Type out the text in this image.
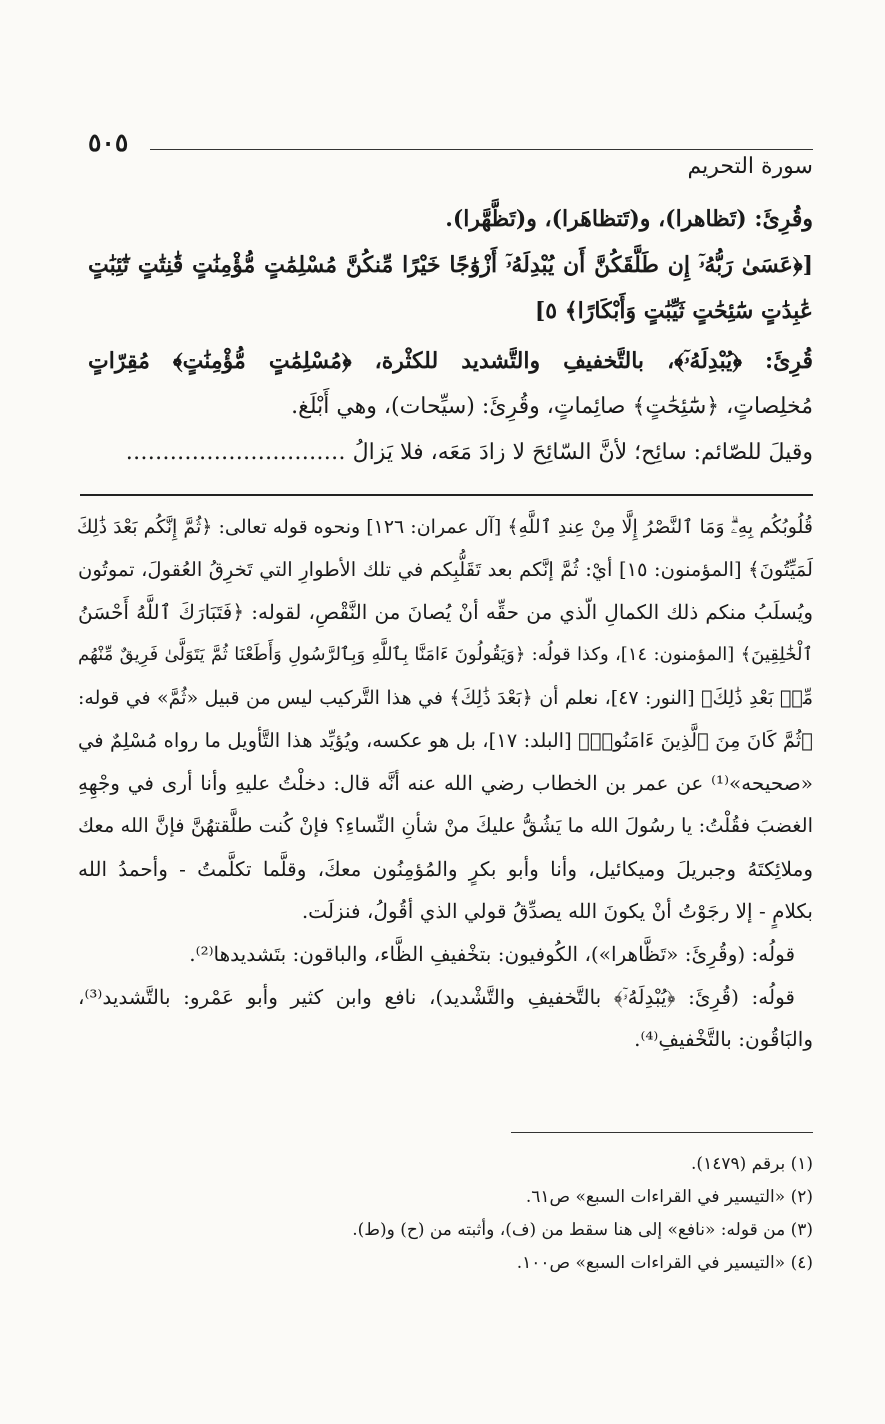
٥٠٥
سورة التحريم
وقُرِئَ: (تَظاهرا)، و(تَتظاهَرا)، و(تَظَّهَّرا).
[﴿عَسَىٰ رَبُّهُۥٓ إِن طَلَّقَكُنَّ أَن يُبْدِلَهُۥٓ أَزْوَٰجًا خَيْرًا مِّنكُنَّ مُسْلِمَٰتٍ مُّؤْمِنَٰتٍ قَٰنِتَٰتٍ تَٰٓئِبَٰتٍ
عَٰبِدَٰتٍ سَٰٓئِحَٰتٍ ثَيِّبَٰتٍ وَأَبْكَارًا﴾ ٥]
قُرِئَ: ﴿يُبْدِلَهُۥٓ﴾، بالتَّخفيفِ والتَّشديد للكثْرة، ﴿مُسْلِمَٰتٍ مُّؤْمِنَٰتٍ﴾ مُقِرّاتٍ
مُخلِصاتٍ، ﴿سَٰٓئِحَٰتٍ﴾ صائِماتٍ، وقُرِئَ: (سيِّحات)، وهي أَبْلَغ.
وقيلَ للصّائم: سائِح؛ لأنَّ السّائِحَ لا زادَ مَعَه، فلا يَزالُ …………………………
قُلُوبُكُم بِهِۦۗ وَمَا ٱلنَّصْرُ إِلَّا مِنْ عِندِ ٱللَّهِ﴾ [آل عمران: ١٢٦] ونحوه قوله تعالى: ﴿ثُمَّ إِنَّكُم بَعْدَ ذَٰلِكَ
لَمَيِّتُونَ﴾ [المؤمنون: ١٥] أيْ: ثُمَّ إنَّكم بعد تَقَلُّبِكم في تلك الأطوارِ التي تَخرِقُ العُقولَ، تموتُون
ويُسلَبُ منكم ذلك الكمالِ الّذي من حقِّه أنْ يُصانَ من النَّقْصِ، لقوله: ﴿فَتَبَارَكَ ٱللَّهُ أَحْسَنُ
ٱلْخَٰلِقِينَ﴾ [المؤمنون: ١٤]، وكذا قولُه: ﴿وَيَقُولُونَ ءَامَنَّا بِٱللَّهِ وَبِٱلرَّسُولِ وَأَطَعْنَا ثُمَّ يَتَوَلَّىٰ فَرِيقٌ مِّنْهُم
مِّنۢ بَعْدِ ذَٰلِكَ﴾ [النور: ٤٧]، نعلم أن ﴿بَعْدَ ذَٰلِكَ﴾ في هذا التَّركيب ليس من قبيل «ثُمَّ» في قوله:
﴿ثُمَّ كَانَ مِنَ ٱلَّذِينَ ءَامَنُوا۟﴾ [البلد: ١٧]، بل هو عكسه، ويُؤيِّد هذا التَّأويل ما رواه مُسْلِمٌ في
«صحيحه»⁽¹⁾ عن عمر بن الخطاب رضي الله عنه أنَّه قال: دخلْتُ عليهِ وأنا أرى في وجْهِهِ
الغضبَ فقُلْتُ: يا رسُولَ الله ما يَشُقُّ عليكَ منْ شأنِ النِّساءِ؟ فإنْ كُنت طلَّقتهُنَّ فإنَّ الله معك
وملائِكتَهُ وجبريلَ وميكائيل، وأنا وأبو بكرٍ والمُؤمِنُون معكَ، وقلَّما تكلَّمتُ - وأحمدُ الله
بكلامٍ - إلا رجَوْتُ أنْ يكونَ الله يصدِّقُ قولي الذي أقُولُ، فنزلَت.
قولُه: (وقُرِئَ: «تَظَّاهرا»)، الكُوفيون: بتخْفيفِ الظَّاء، والباقون: بتَشديدها⁽²⁾.
قولُه: (قُرِئَ: ﴿يُبْدِلَهُۥٓ﴾ بالتَّخفيفِ والتَّشْديد)، نافع وابن كثير وأبو عَمْرو: بالتَّشديد⁽³⁾،
والبَاقُون: بالتَّخْفيفِ⁽⁴⁾.
(١) برقم (١٤٧٩).
(٢) «التيسير في القراءات السبع» ص٦١.
(٣) من قوله: «نافع» إلى هنا سقط من (ف)، وأثبته من (ح) و(ط).
(٤) «التيسير في القراءات السبع» ص١٠٠.
